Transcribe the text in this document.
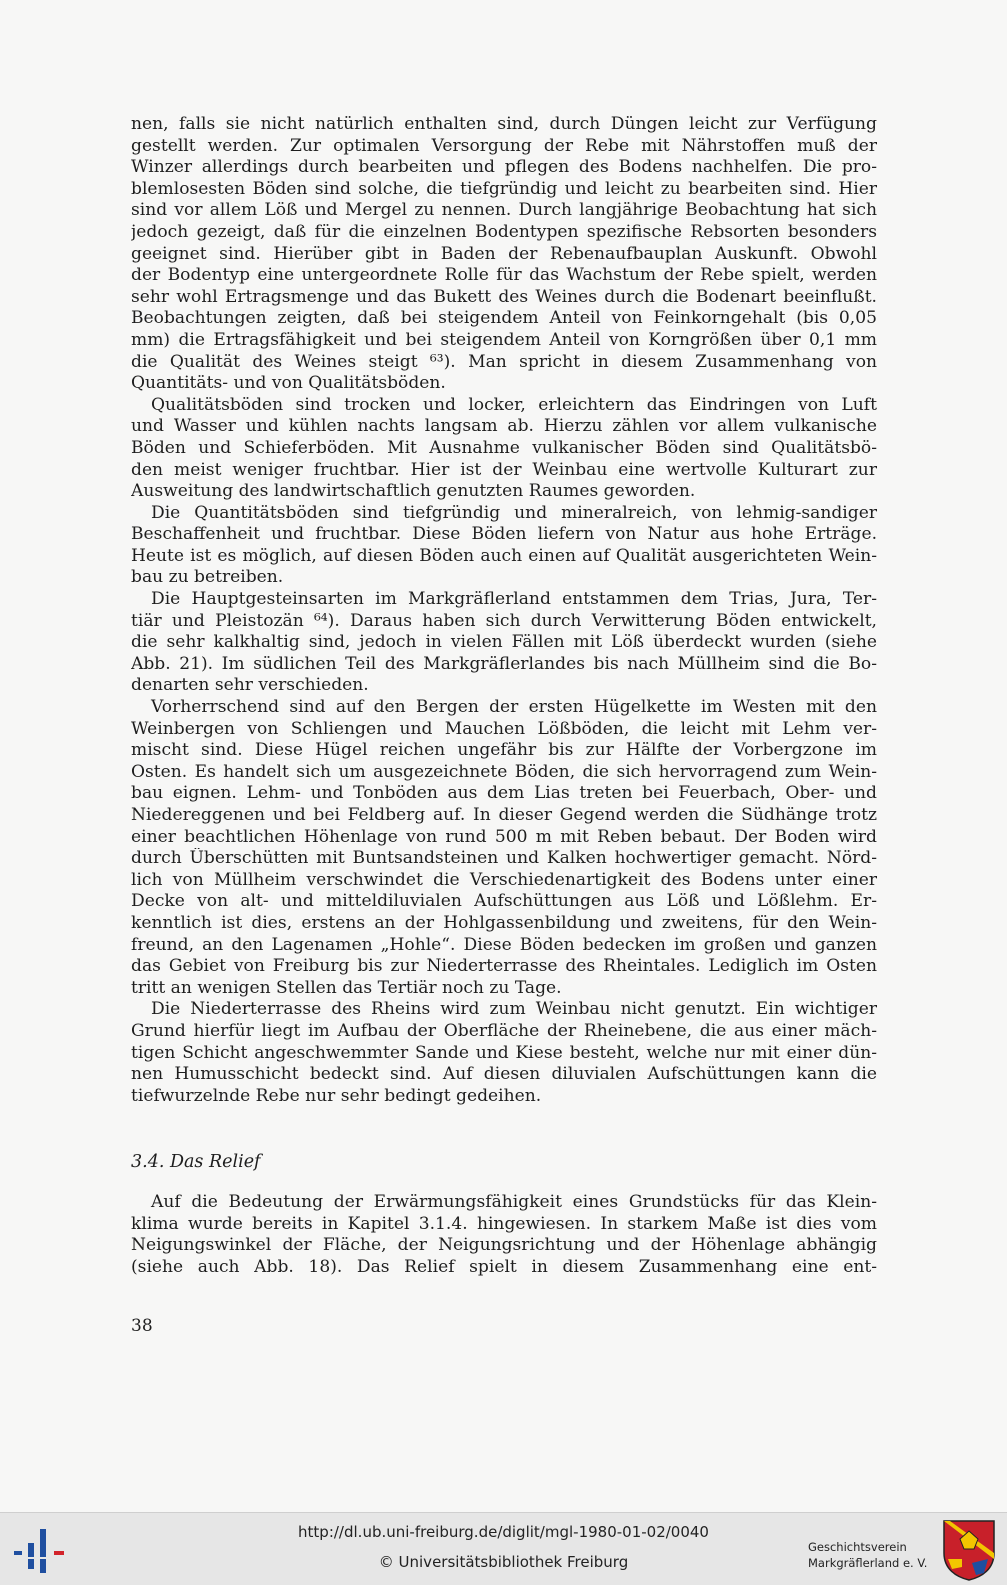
nen, falls sie nicht natürlich enthalten sind, durch Düngen leicht zur Verfügung
gestellt werden. Zur optimalen Versorgung der Rebe mit Nährstoffen muß der
Winzer allerdings durch bearbeiten und pflegen des Bodens nachhelfen. Die pro-
blemlosesten Böden sind solche, die tiefgründig und leicht zu bearbeiten sind. Hier
sind vor allem Löß und Mergel zu nennen. Durch langjährige Beobachtung hat sich
jedoch gezeigt, daß für die einzelnen Bodentypen spezifische Rebsorten besonders
geeignet sind. Hierüber gibt in Baden der Rebenaufbauplan Auskunft. Obwohl
der Bodentyp eine untergeordnete Rolle für das Wachstum der Rebe spielt, werden
sehr wohl Ertragsmenge und das Bukett des Weines durch die Bodenart beeinflußt.
Beobachtungen zeigten, daß bei steigendem Anteil von Feinkorngehalt (bis 0,05
mm) die Ertragsfähigkeit und bei steigendem Anteil von Korngrößen über 0,1 mm
die Qualität des Weines steigt ⁶³). Man spricht in diesem Zusammenhang von
Quantitäts- und von Qualitätsböden.
Qualitätsböden sind trocken und locker, erleichtern das Eindringen von Luft
und Wasser und kühlen nachts langsam ab. Hierzu zählen vor allem vulkanische
Böden und Schieferböden. Mit Ausnahme vulkanischer Böden sind Qualitätsbö-
den meist weniger fruchtbar. Hier ist der Weinbau eine wertvolle Kulturart zur
Ausweitung des landwirtschaftlich genutzten Raumes geworden.
Die Quantitätsböden sind tiefgründig und mineralreich, von lehmig-sandiger
Beschaffenheit und fruchtbar. Diese Böden liefern von Natur aus hohe Erträge.
Heute ist es möglich, auf diesen Böden auch einen auf Qualität ausgerichteten Wein-
bau zu betreiben.
Die Hauptgesteinsarten im Markgräflerland entstammen dem Trias, Jura, Ter-
tiär und Pleistozän ⁶⁴). Daraus haben sich durch Verwitterung Böden entwickelt,
die sehr kalkhaltig sind, jedoch in vielen Fällen mit Löß überdeckt wurden (siehe
Abb. 21). Im südlichen Teil des Markgräflerlandes bis nach Müllheim sind die Bo-
denarten sehr verschieden.
Vorherrschend sind auf den Bergen der ersten Hügelkette im Westen mit den
Weinbergen von Schliengen und Mauchen Lößböden, die leicht mit Lehm ver-
mischt sind. Diese Hügel reichen ungefähr bis zur Hälfte der Vorbergzone im
Osten. Es handelt sich um ausgezeichnete Böden, die sich hervorragend zum Wein-
bau eignen. Lehm- und Tonböden aus dem Lias treten bei Feuerbach, Ober- und
Niedereggenen und bei Feldberg auf. In dieser Gegend werden die Südhänge trotz
einer beachtlichen Höhenlage von rund 500 m mit Reben bebaut. Der Boden wird
durch Überschütten mit Buntsandsteinen und Kalken hochwertiger gemacht. Nörd-
lich von Müllheim verschwindet die Verschiedenartigkeit des Bodens unter einer
Decke von alt- und mitteldiluvialen Aufschüttungen aus Löß und Lößlehm. Er-
kenntlich ist dies, erstens an der Hohlgassenbildung und zweitens, für den Wein-
freund, an den Lagenamen „Hohle“. Diese Böden bedecken im großen und ganzen
das Gebiet von Freiburg bis zur Niederterrasse des Rheintales. Lediglich im Osten
tritt an wenigen Stellen das Tertiär noch zu Tage.
Die Niederterrasse des Rheins wird zum Weinbau nicht genutzt. Ein wichtiger
Grund hierfür liegt im Aufbau der Oberfläche der Rheinebene, die aus einer mäch-
tigen Schicht angeschwemmter Sande und Kiese besteht, welche nur mit einer dün-
nen Humusschicht bedeckt sind. Auf diesen diluvialen Aufschüttungen kann die
tiefwurzelnde Rebe nur sehr bedingt gedeihen.
3.4. Das Relief
Auf die Bedeutung der Erwärmungsfähigkeit eines Grundstücks für das Klein-
klima wurde bereits in Kapitel 3.1.4. hingewiesen. In starkem Maße ist dies vom
Neigungswinkel der Fläche, der Neigungsrichtung und der Höhenlage abhängig
(siehe auch Abb. 18). Das Relief spielt in diesem Zusammenhang eine ent-
38
http://dl.ub.uni-freiburg.de/diglit/mgl-1980-01-02/0040
© Universitätsbibliothek Freiburg
Geschichtsverein
Markgräflerland e. V.
